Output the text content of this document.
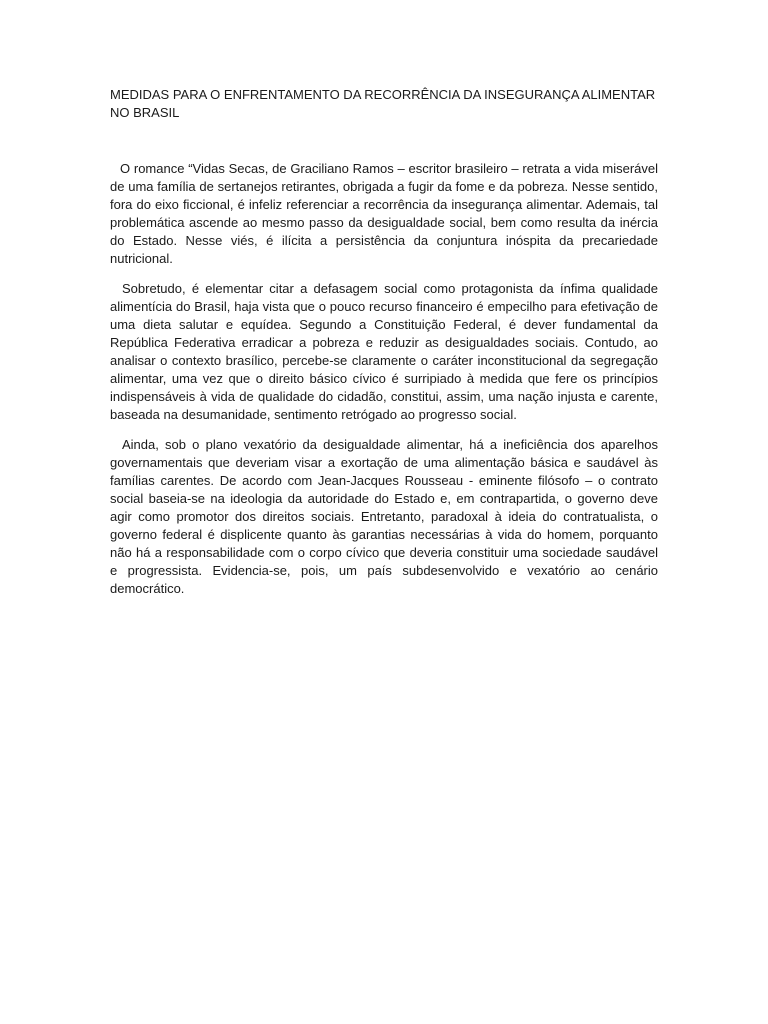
MEDIDAS PARA O ENFRENTAMENTO DA RECORRÊNCIA DA INSEGURANÇA ALIMENTAR NO BRASIL

O romance “Vidas Secas, de Graciliano Ramos – escritor brasileiro – retrata a vida miserável de uma família de sertanejos retirantes, obrigada a fugir da fome e da pobreza. Nesse sentido, fora do eixo ficcional, é infeliz referenciar a recorrência da insegurança alimentar. Ademais, tal problemática ascende ao mesmo passo da desigualdade social, bem como resulta da inércia do Estado. Nesse viés, é ilícita a persistência da conjuntura inóspita da precariedade nutricional.

Sobretudo, é elementar citar a defasagem social como protagonista da ínfima qualidade alimentícia do Brasil, haja vista que o pouco recurso financeiro é empecilho para efetivação de uma dieta salutar e equídea. Segundo a Constituição Federal, é dever fundamental da República Federativa erradicar a pobreza e reduzir as desigualdades sociais. Contudo, ao analisar o contexto brasílico, percebe-se claramente o caráter inconstitucional da segregação alimentar, uma vez que o direito básico cívico é surripiado à medida que fere os princípios indispensáveis à vida de qualidade do cidadão, constitui, assim, uma nação injusta e carente, baseada na desumanidade, sentimento retrógado ao progresso social.

Ainda, sob o plano vexatório da desigualdade alimentar, há a ineficiência dos aparelhos governamentais que deveriam visar a exortação de uma alimentação básica e saudável às famílias carentes. De acordo com Jean-Jacques Rousseau - eminente filósofo – o contrato social baseia-se na ideologia da autoridade do Estado e, em contrapartida, o governo deve agir como promotor dos direitos sociais. Entretanto, paradoxal à ideia do contratualista, o governo federal é displicente quanto às garantias necessárias à vida do homem, porquanto não há a responsabilidade com o corpo cívico que deveria constituir uma sociedade saudável e progressista. Evidencia-se, pois, um país subdesenvolvido e vexatório ao cenário democrático.
